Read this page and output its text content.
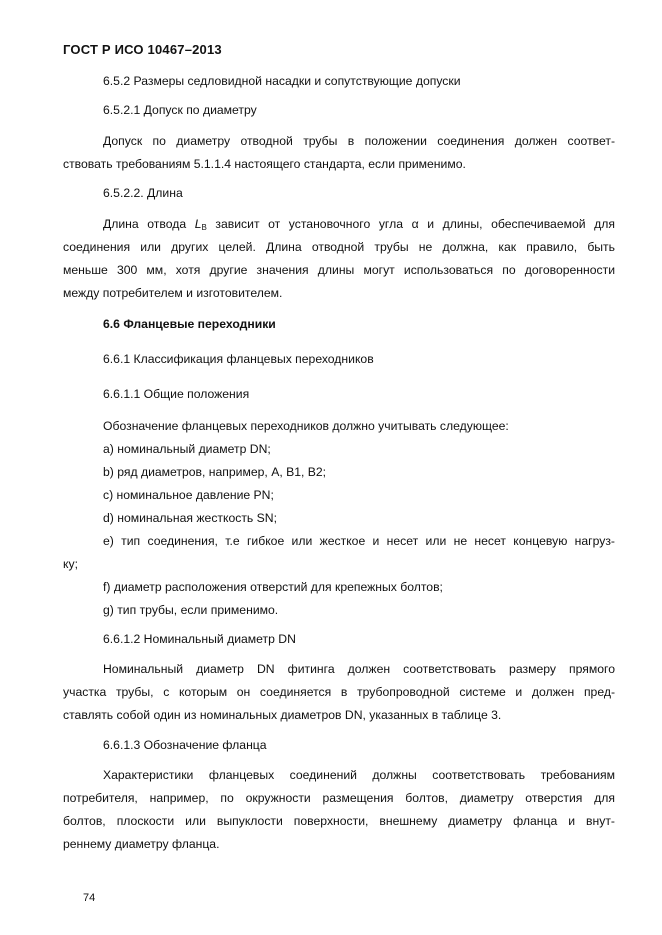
ГОСТ Р ИСО 10467–2013
6.5.2 Размеры седловидной насадки и сопутствующие допуски
6.5.2.1 Допуск по диаметру
Допуск по диаметру отводной трубы в положении соединения должен соответ-
ствовать требованиям 5.1.1.4 настоящего стандарта, если применимо.
6.5.2.2. Длина
Длина отвода $L_B$ зависит от установочного угла α и длины, обеспечиваемой для
соединения или других целей. Длина отводной трубы не должна, как правило, быть
меньше 300 мм, хотя другие значения длины могут использоваться по договоренности
между потребителем и изготовителем.
6.6 Фланцевые переходники
6.6.1 Классификация фланцевых переходников
6.6.1.1 Общие положения
Обозначение фланцевых переходников должно учитывать следующее:
a) номинальный диаметр DN;
b) ряд диаметров, например, A, B1, B2;
c) номинальное давление PN;
d) номинальная жесткость SN;
e) тип соединения, т.е гибкое или жесткое и несет или не несет концевую нагруз-
ку;
f) диаметр расположения отверстий для крепежных болтов;
g) тип трубы, если применимо.
6.6.1.2 Номинальный диаметр DN
Номинальный диаметр DN фитинга должен соответствовать размеру прямого
участка трубы, с которым он соединяется в трубопроводной системе и должен пред-
ставлять собой один из номинальных диаметров DN, указанных в таблице 3.
6.6.1.3 Обозначение фланца
Характеристики фланцевых соединений должны соответствовать требованиям
потребителя, например, по окружности размещения болтов, диаметру отверстия для
болтов, плоскости или выпуклости поверхности, внешнему диаметру фланца и внут-
реннему диаметру фланца.
74
